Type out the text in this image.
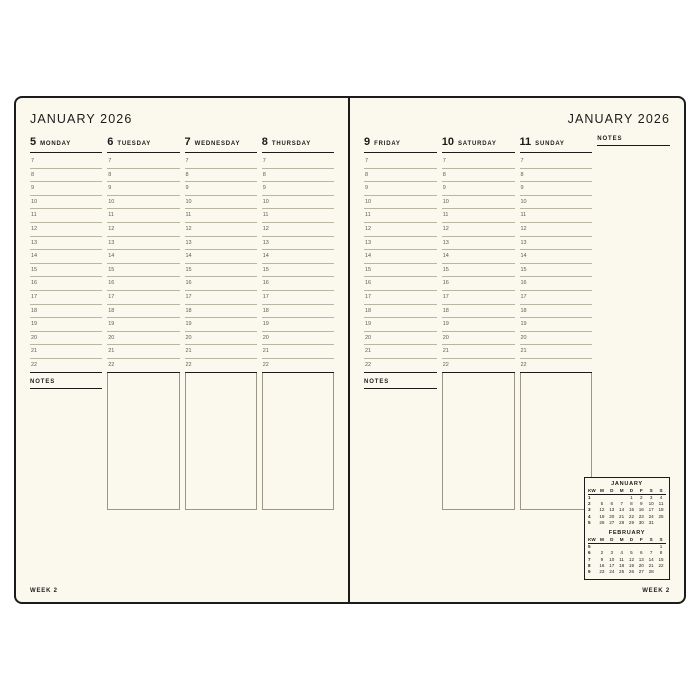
JANUARY 2026
5 MONDAY
7
8
9
10
11
12
13
14
15
16
17
18
19
20
21
22
NOTES
6 TUESDAY
7
8
9
10
11
12
13
14
15
16
17
18
19
20
21
22
7 WEDNESDAY
7
8
9
10
11
12
13
14
15
16
17
18
19
20
21
22
8 THURSDAY
7
8
9
10
11
12
13
14
15
16
17
18
19
20
21
22
WEEK 2
JANUARY 2026
9 FRIDAY
7
8
9
10
11
12
13
14
15
16
17
18
19
20
21
22
NOTES
10 SATURDAY
7
8
9
10
11
12
13
14
15
16
17
18
19
20
21
22
11 SUNDAY
7
8
9
10
11
12
13
14
15
16
17
18
19
20
21
22
NOTES
JANUARY
KW	M	D	M	D	F	S	S
1				1	2	3	4
2	5	6	7	8	9	10	11
3	12	13	14	15	16	17	18
4	19	20	21	22	23	24	25
5	26	27	28	29	30	31	
FEBRUARY
KW	M	D	M	D	F	S	S
5							1
6	2	3	4	5	6	7	8
7	9	10	11	12	13	14	15
8	16	17	18	19	20	21	22
9	23	24	25	26	27	28	
WEEK 2
